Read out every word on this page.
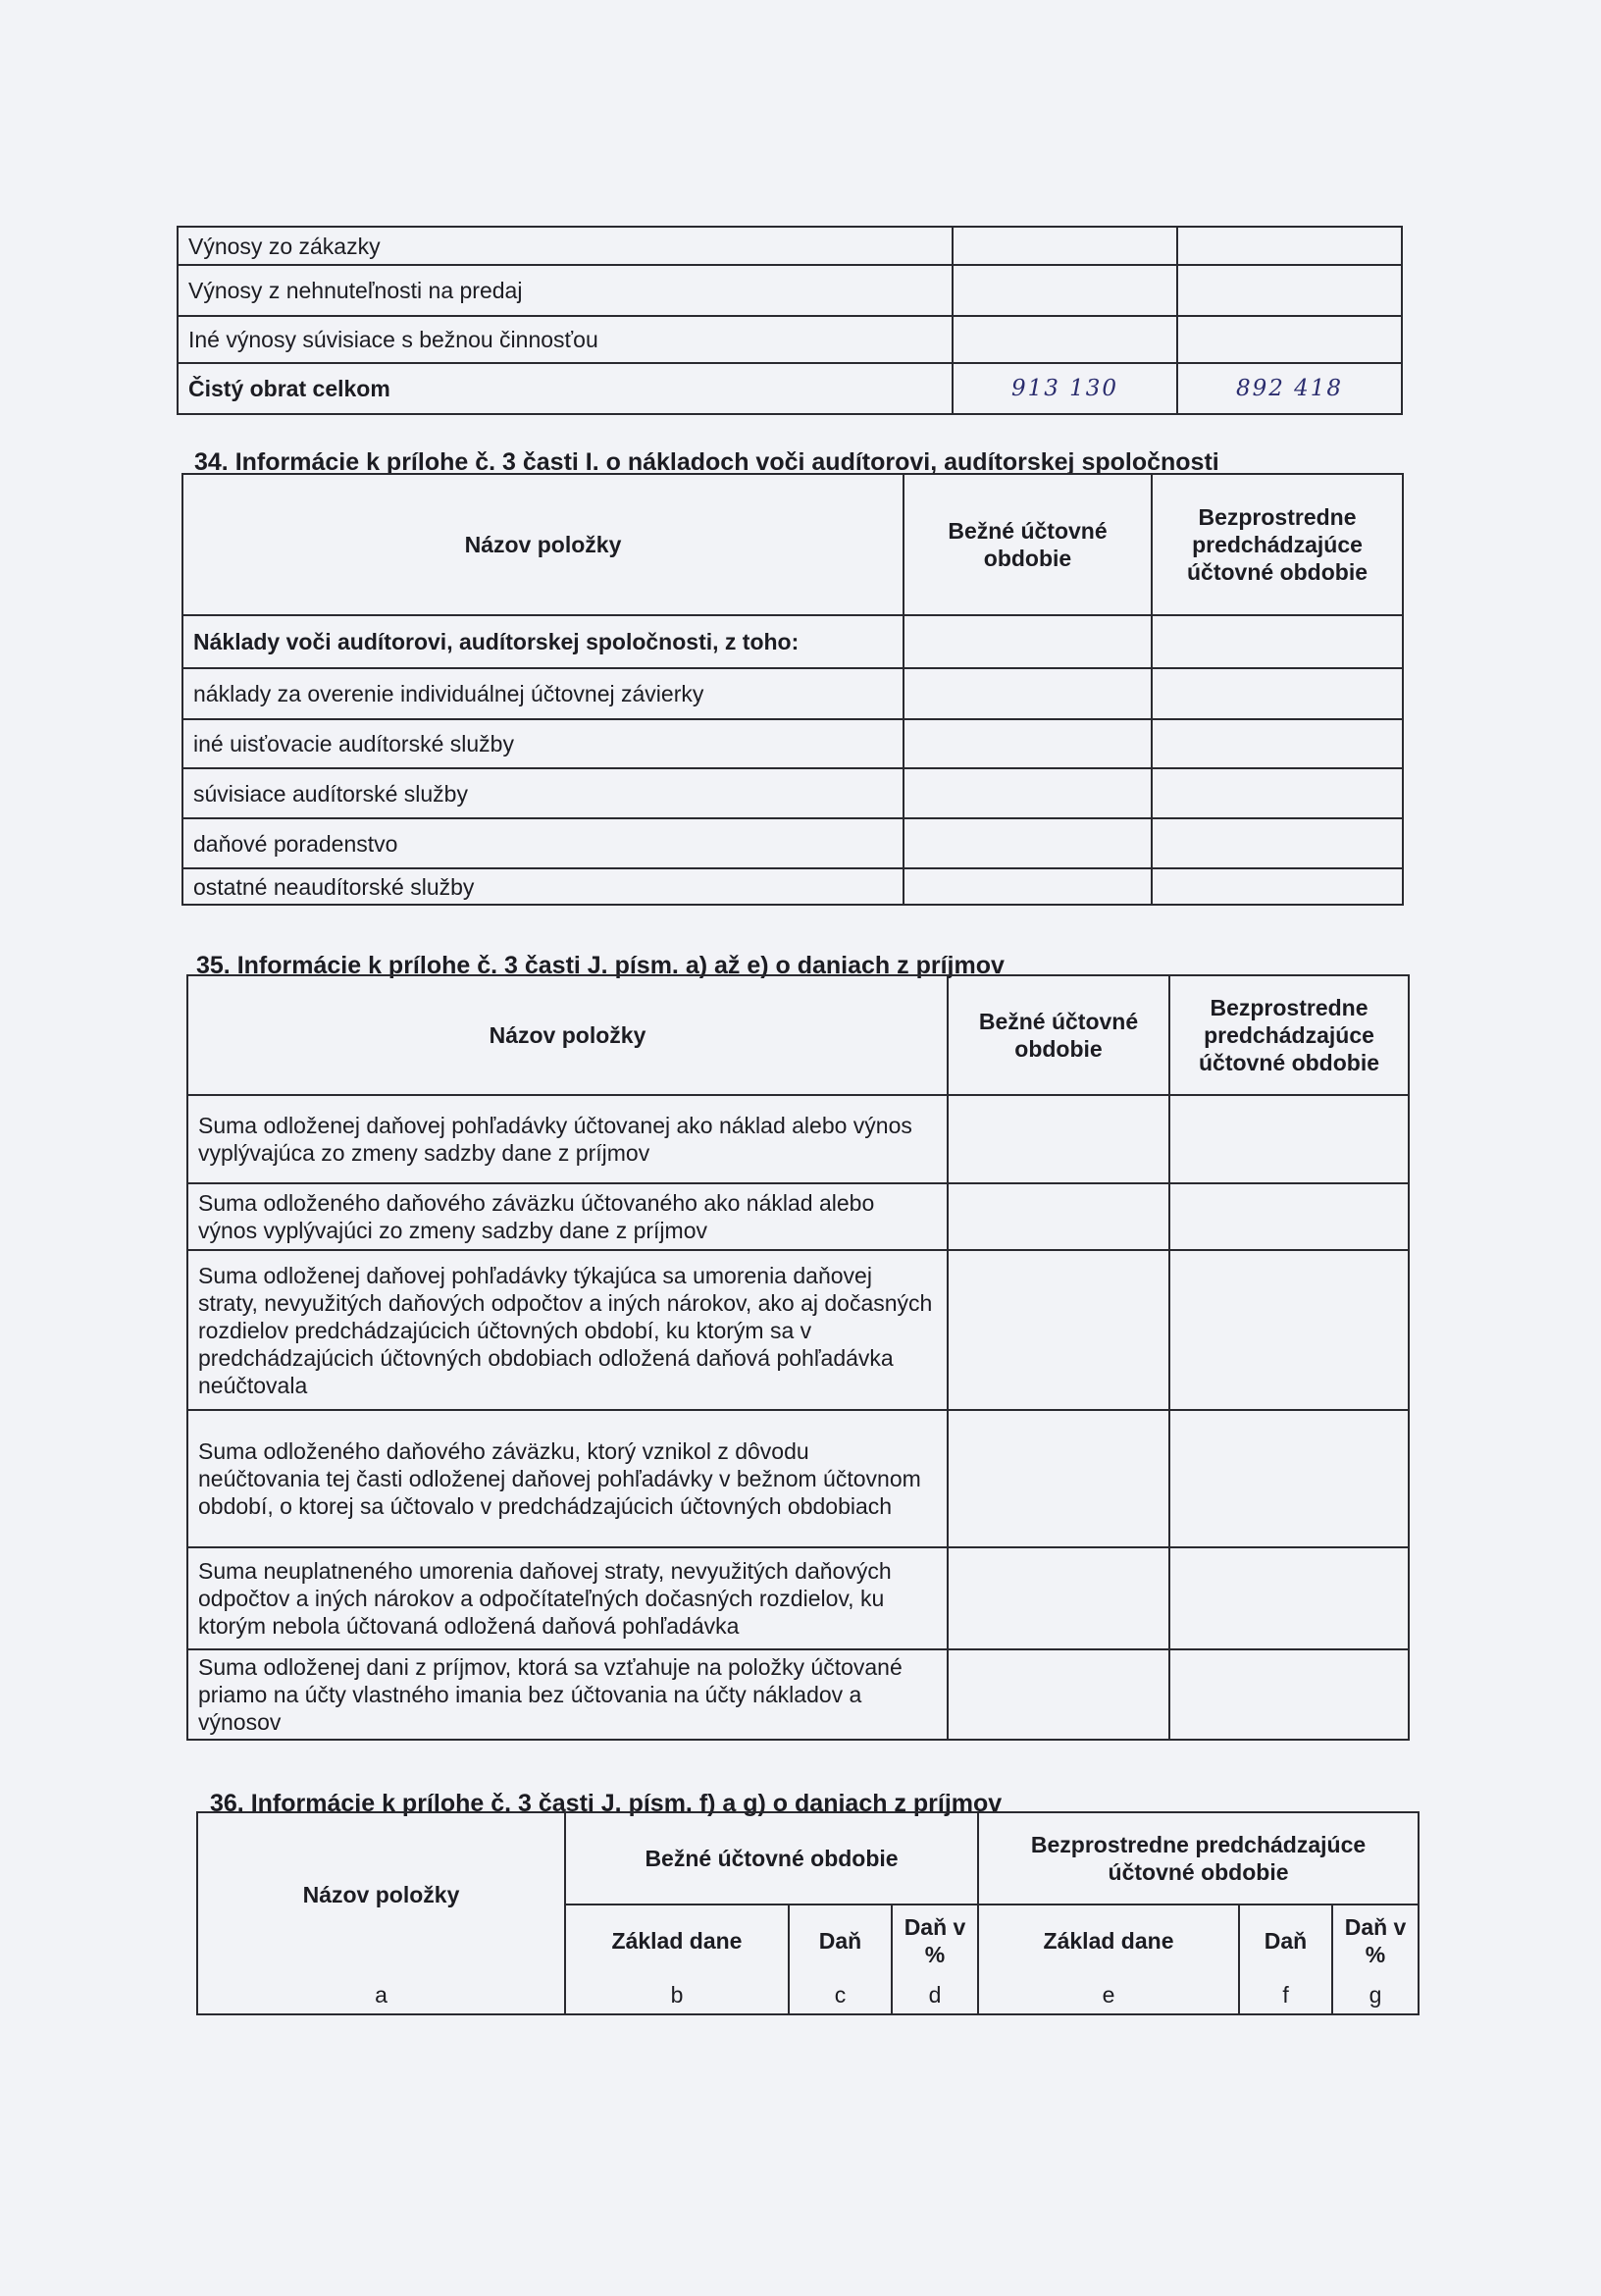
Výnosy zo zákazky		
Výnosy z nehnuteľnosti na predaj		
Iné výnosy súvisiace s bežnou činnosťou		
Čistý obrat celkom	913 130	892 418
34. Informácie k prílohe č. 3 časti I. o nákladoch voči audítorovi, audítorskej spoločnosti
Názov položky	Bežné účtovné obdobie	Bezprostredne predchádzajúce účtovné obdobie
Náklady voči audítorovi, audítorskej spoločnosti, z toho:		
náklady za overenie individuálnej účtovnej závierky		
iné uisťovacie audítorské služby		
súvisiace audítorské služby		
daňové poradenstvo		
ostatné neaudítorské služby		
35. Informácie k prílohe č. 3 časti J. písm. a) až e) o daniach z príjmov
Názov položky	Bežné účtovné obdobie	Bezprostredne predchádzajúce účtovné obdobie
Suma odloženej daňovej pohľadávky účtovanej ako náklad alebo výnos vyplývajúca zo zmeny sadzby dane z príjmov		
Suma odloženého daňového záväzku účtovaného ako náklad alebo výnos vyplývajúci zo zmeny sadzby dane z príjmov		
Suma odloženej daňovej pohľadávky týkajúca sa umorenia daňovej straty, nevyužitých daňových odpočtov a iných nárokov, ako aj dočasných rozdielov predchádzajúcich účtovných období, ku ktorým sa v predchádzajúcich účtovných obdobiach odložená daňová pohľadávka neúčtovala		
Suma odloženého daňového záväzku, ktorý vznikol z dôvodu neúčtovania tej časti odloženej daňovej pohľadávky v bežnom účtovnom období, o ktorej sa účtovalo v predchádzajúcich účtovných obdobiach		
Suma neuplatneného umorenia daňovej straty, nevyužitých daňových odpočtov a iných nárokov a odpočítateľných dočasných rozdielov, ku ktorým nebola účtovaná odložená daňová pohľadávka		
Suma odloženej dani z príjmov, ktorá sa vzťahuje na položky účtované priamo na účty vlastného imania bez účtovania na účty nákladov a výnosov		
36. Informácie k prílohe č. 3 časti J. písm. f) a g) o daniach z príjmov
Názov položky	Bežné účtovné obdobie			Bezprostredne predchádzajúce účtovné obdobie		
	Základ dane	Daň	Daň v %	Základ dane	Daň	Daň v %
a	b	c	d	e	f	g
